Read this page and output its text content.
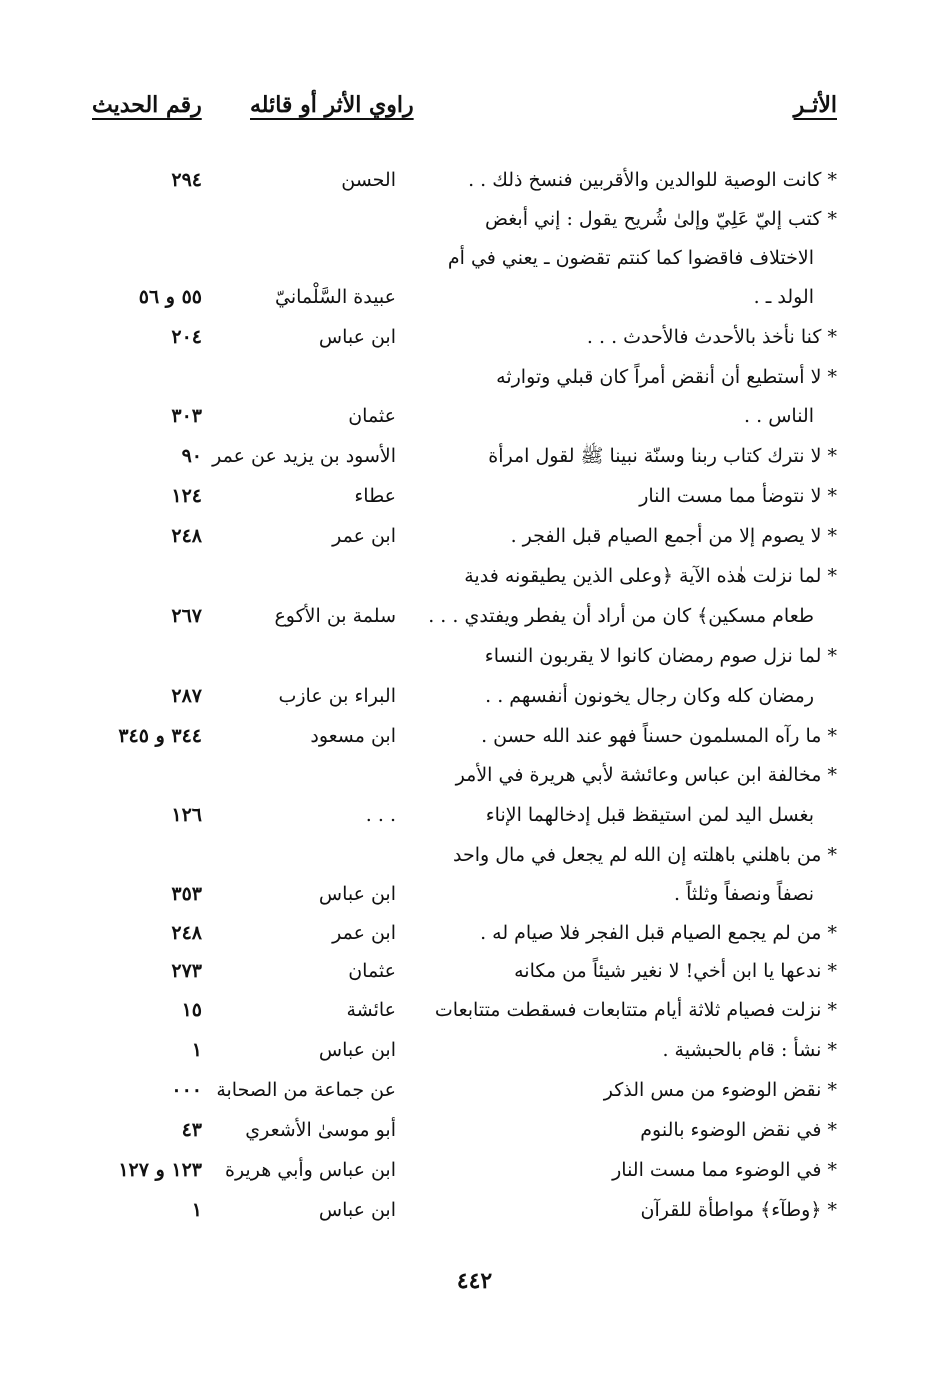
الأثـر
راوي الأثر أو قائله
رقم الحديث
* كانت الوصية للوالدين والأقربين فنسخ ذلك . .
الحسن
٢٩٤
* كتب إليّ عَلِيّ وإلىٰ شُريح يقول : إني أبغض
الاختلاف فاقضوا كما كنتم تقضون ـ يعني في أم
الولد ـ .
عبيدة السَّلْمانيّ
٥٥ و ٥٦
* كنا نأخذ بالأحدث فالأحدث . . .
ابن عباس
٢٠٤
* لا أستطيع أن أنقض أمراً كان قبلي وتوارثه
الناس . .
عثمان
٣٠٣
* لا نترك كتاب ربنا وسنّة نبينا ﷺ لقول امرأة
الأسود بن يزيد عن عمر
٩٠
* لا نتوضأ مما مست النار
عطاء
١٢٤
* لا يصوم إلا من أجمع الصيام قبل الفجر .
ابن عمر
٢٤٨
* لما نزلت هٰذه الآية ﴿وعلى الذين يطيقونه فدية
طعام مسكين﴾ كان من أراد أن يفطر ويفتدي . . .
سلمة بن الأكوع
٢٦٧
* لما نزل صوم رمضان كانوا لا يقربون النساء
رمضان كله وكان رجال يخونون أنفسهم . .
البراء بن عازب
٢٨٧
* ما رآه المسلمون حسناً فهو عند الله حسن .
ابن مسعود
٣٤٤ و ٣٤٥
* مخالفة ابن عباس وعائشة لأبي هريرة في الأمر
بغسل اليد لمن استيقظ قبل إدخالهما الإناء
. . .
١٢٦
* من باهلني باهلته إن الله لم يجعل في مال واحد
نصفاً ونصفاً وثلثاً .
ابن عباس
٣٥٣
* من لم يجمع الصيام قبل الفجر فلا صيام له .
ابن عمر
٢٤٨
* ندعها يا ابن أخي! لا نغير شيئاً من مكانه
عثمان
٢٧٣
* نزلت فصيام ثلاثة أيام متتابعات فسقطت متتابعات
عائشة
١٥
* نشأ : قام بالحبشية .
ابن عباس
١
* نقض الوضوء من مس الذكر
عن جماعة من الصحابة
٠٠٠
* في نقض الوضوء بالنوم
أبو موسىٰ الأشعري
٤٣
* في الوضوء مما مست النار
ابن عباس وأبي هريرة
١٢٣ و ١٢٧
* ﴿وطآء﴾ مواطأة للقرآن
ابن عباس
١
٤٤٢
